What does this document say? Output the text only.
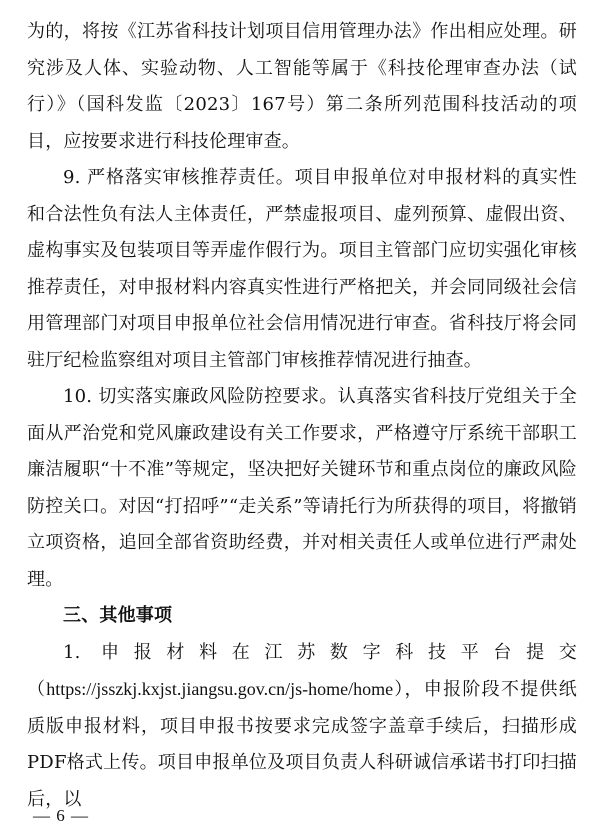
为的，将按《江苏省科技计划项目信用管理办法》作出相应处理。研究涉及人体、实验动物、人工智能等属于《科技伦理审查办法（试行）》（国科发监〔2023〕167号）第二条所列范围科技活动的项目，应按要求进行科技伦理审查。

9. 严格落实审核推荐责任。项目申报单位对申报材料的真实性和合法性负有法人主体责任，严禁虚报项目、虚列预算、虚假出资、虚构事实及包装项目等弄虚作假行为。项目主管部门应切实强化审核推荐责任，对申报材料内容真实性进行严格把关，并会同同级社会信用管理部门对项目申报单位社会信用情况进行审查。省科技厅将会同驻厅纪检监察组对项目主管部门审核推荐情况进行抽查。

10. 切实落实廉政风险防控要求。认真落实省科技厅党组关于全面从严治党和党风廉政建设有关工作要求，严格遵守厅系统干部职工廉洁履职“十不准”等规定，坚决把好关键环节和重点岗位的廉政风险防控关口。对因“打招呼”“走关系”等请托行为所获得的项目，将撤销立项资格，追回全部省资助经费，并对相关责任人或单位进行严肃处理。

三、其他事项

1. 申报材料在江苏数字科技平台提交（https://jsszkj.kxjst.jiangsu.gov.cn/js-home/home），申报阶段不提供纸质版申报材料，项目申报书按要求完成签字盖章手续后，扫描形成PDF格式上传。项目申报单位及项目负责人科研诚信承诺书打印扫描后，以

— 6 —
